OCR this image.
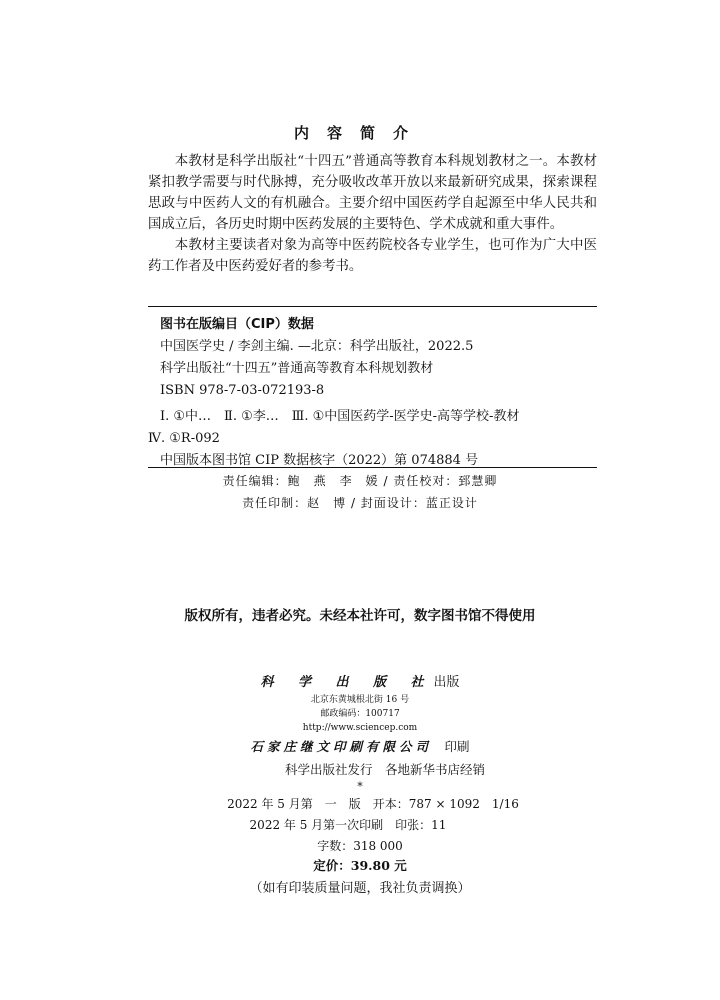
内容简介

本教材是科学出版社“十四五”普通高等教育本科规划教材之一。本教材紧扣教学需要与时代脉搏，充分吸收改革开放以来最新研究成果，探索课程思政与中医药人文的有机融合。主要介绍中国医药学自起源至中华人民共和国成立后，各历史时期中医药发展的主要特色、学术成就和重大事件。

本教材主要读者对象为高等中医药院校各专业学生，也可作为广大中医药工作者及中医药爱好者的参考书。

图书在版编目（CIP）数据
中国医学史 / 李剑主编. —北京：科学出版社，2022.5
科学出版社“十四五”普通高等教育本科规划教材
ISBN 978-7-03-072193-8
Ⅰ. ①中…　Ⅱ. ①李…　Ⅲ. ①中国医药学-医学史-高等学校-教材
Ⅳ. ①R-092
中国版本图书馆 CIP 数据核字（2022）第 074884 号
责任编辑：鲍　燕　李　媛 / 责任校对：郅慧卿
责任印制：赵　博 / 封面设计：蓝正设计
版权所有，违者必究。未经本社许可，数字图书馆不得使用
科 学 出 版 社出版
北京东黄城根北街 16 号
邮政编码：100717
http://www.sciencep.com
石家庄继文印刷有限公司　 印刷
科学出版社发行　各地新华书店经销
*
2022 年 5 月第　一　版　开本：787 × 1092　1/16
2022 年 5 月第一次印刷　印张：11
字数：318 000
定价：39.80 元
（如有印装质量问题，我社负责调换）
